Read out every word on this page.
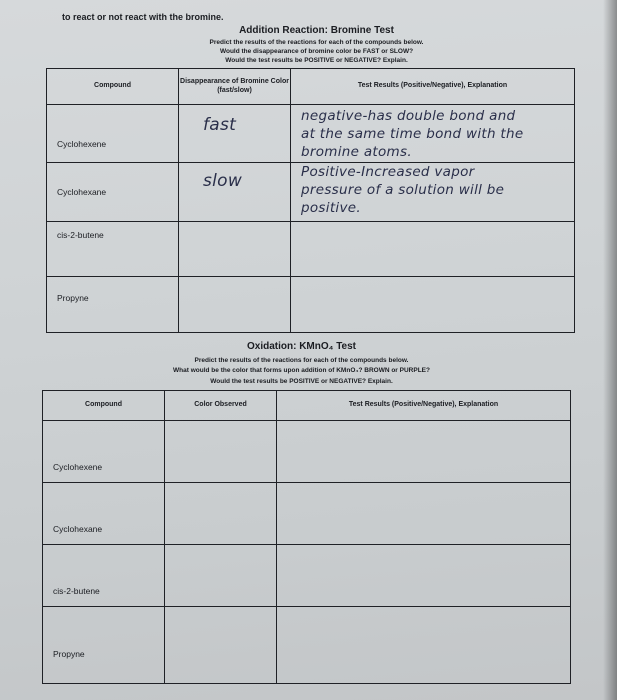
to react or not react with the bromine.
Addition Reaction: Bromine Test
Predict the results of the reactions for each of the compounds below.
Would the disappearance of bromine color be FAST or SLOW?
Would the test results be POSITIVE or NEGATIVE? Explain.
Compound	Disappearance of Bromine Color (fast/slow)	Test Results (Positive/Negative), Explanation

Cyclohexene	fast	negative-has double bond and
at the same time bond with the
bromine atoms.

Cyclohexane	slow	Positive-Increased vapor
pressure of a solution will be
positive.

cis-2-butene		

Propyne		

Oxidation: KMnO₄ Test
Predict the results of the reactions for each of the compounds below.
What would be the color that forms upon addition of KMnO₄? BROWN or PURPLE?
Would the test results be POSITIVE or NEGATIVE? Explain.
Compound	Color Observed	Test Results (Positive/Negative), Explanation

Cyclohexene		

Cyclohexane		

cis-2-butene		

Propyne		
